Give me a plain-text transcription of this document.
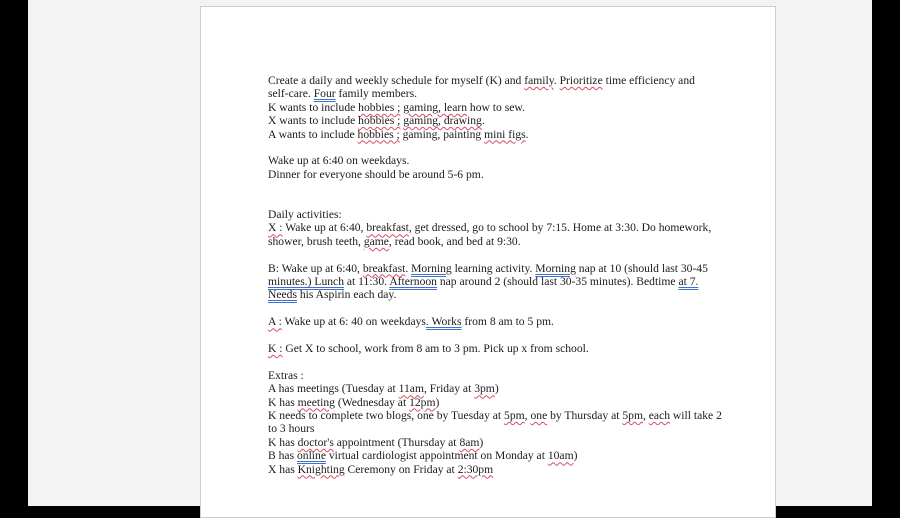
Create a daily and weekly schedule for myself (K) and family. Prioritize time efficiency and
self-care. Four family members.
K wants to include hobbies ; gaming, learn how to sew.
X wants to include hobbies ; gaming, drawing.
A wants to include hobbies ; gaming, painting mini figs.

Wake up at 6:40 on weekdays.
Dinner for everyone should be around 5-6 pm.

Daily activities:
X : Wake up at 6:40, breakfast, get dressed, go to school by 7:15. Home at 3:30. Do homework,
shower, brush teeth, game, read book, and bed at 9:30.

B: Wake up at 6:40, breakfast. Morning learning activity. Morning nap at 10 (should last 30-45
minutes.) Lunch at 11:30. Afternoon nap around 2 (should last 30-35 minutes). Bedtime at 7.
Needs his Aspirin each day.

A : Wake up at 6: 40 on weekdays. Works from 8 am to 5 pm.

K : Get X to school, work from 8 am to 3 pm. Pick up x from school.

Extras :
A has meetings (Tuesday at 11am, Friday at 3pm)
K has meeting (Wednesday at 12pm)
K needs to complete two blogs, one by Tuesday at 5pm, one by Thursday at 5pm, each will take 2
to 3 hours
K has doctor's appointment (Thursday at 8am)
B has online virtual cardiologist appointment on Monday at 10am)
X has Knighting Ceremony on Friday at 2:30pm
